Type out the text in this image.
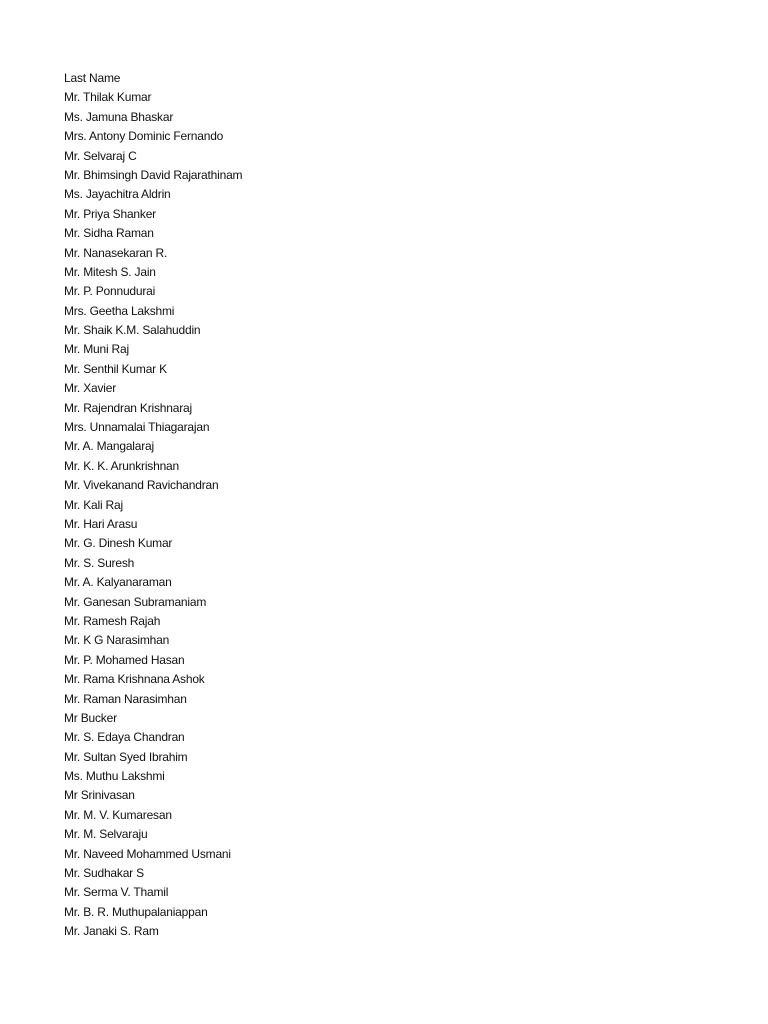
Last Name
Mr. Thilak Kumar
Ms. Jamuna Bhaskar
Mrs. Antony Dominic Fernando
Mr. Selvaraj C
Mr. Bhimsingh David Rajarathinam
Ms. Jayachitra Aldrin
Mr. Priya Shanker
Mr. Sidha Raman
Mr. Nanasekaran R.
Mr. Mitesh S. Jain
Mr. P. Ponnudurai
Mrs. Geetha Lakshmi
Mr. Shaik K.M. Salahuddin
Mr. Muni Raj
Mr. Senthil Kumar K
Mr. Xavier
Mr. Rajendran Krishnaraj
Mrs. Unnamalai Thiagarajan
Mr. A. Mangalaraj
Mr. K. K. Arunkrishnan
Mr. Vivekanand Ravichandran
Mr. Kali Raj
Mr. Hari Arasu
Mr. G. Dinesh Kumar
Mr. S. Suresh
Mr. A. Kalyanaraman
Mr. Ganesan Subramaniam
Mr. Ramesh Rajah
Mr. K G Narasimhan
Mr. P. Mohamed Hasan
Mr. Rama Krishnana Ashok
Mr. Raman Narasimhan
Mr Bucker
Mr. S. Edaya Chandran
Mr. Sultan Syed Ibrahim
Ms. Muthu Lakshmi
Mr Srinivasan
Mr. M. V. Kumaresan
Mr. M. Selvaraju
Mr. Naveed Mohammed Usmani
Mr. Sudhakar S
Mr. Serma V. Thamil
Mr. B. R. Muthupalaniappan
Mr. Janaki S. Ram
